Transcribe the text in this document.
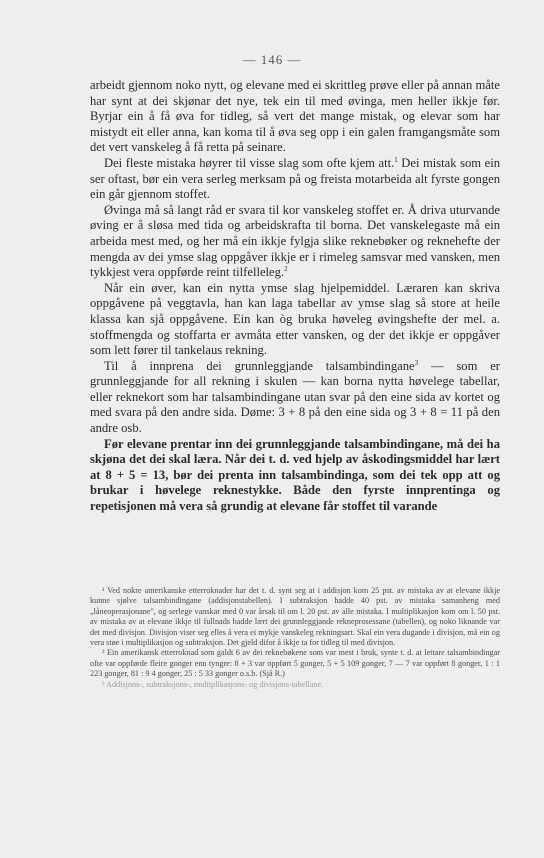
— 146 —

arbeidt gjennom noko nytt, og elevane med ei skrittleg prøve eller på annan måte har synt at dei skjønar det nye, tek ein til med øvinga, men heller ikkje før. Byrjar ein å få øva for tidleg, så vert det mange mistak, og elevar som har mistydt eit eller anna, kan koma til å øva seg opp i ein galen framgangsmåte som det vert vanskeleg å få retta på seinare.

Dei fleste mistaka høyrer til visse slag som ofte kjem att.$^1$ Dei mistak som ein ser oftast, bør ein vera serleg merksam på og freista motarbeida alt fyrste gongen ein går gjennom stoffet.

Øvinga må så langt råd er svara til kor vanskeleg stoffet er. Å driva uturvande øving er å sløsa med tida og arbeidskrafta til borna. Det vanskelegaste må ein arbeida mest med, og her må ein ikkje fylgja slike reknebøker og reknehefte der mengda av dei ymse slag oppgåver ikkje er i rimeleg samsvar med vansken, men tykkjest vera oppførde reint tilfelleleg.$^2$

Når ein øver, kan ein nytta ymse slag hjelpemiddel. Læraren kan skriva oppgåvene på veggtavla, han kan laga tabellar av ymse slag så store at heile klassa kan sjå oppgåvene. Ein kan òg bruka høveleg øvingshefte der mel. a. stoffmengda og stoffarta er avmåta etter vansken, og der det ikkje er oppgåver som lett fører til tankelaus rekning.

Til å innprena dei grunnleggjande talsambindingane$^3$ — som er grunnleggjande for all rekning i skulen — kan borna nytta høvelege tabellar, eller reknekort som har talsambindingane utan svar på den eine sida av kortet og med svara på den andre sida. Døme: 3 + 8 på den eine sida og 3 + 8 = 11 på den andre osb.

Før elevane prentar inn dei grunnleggjande talsambindingane, må dei ha skjøna det dei skal læra. Når dei t. d. ved hjelp av åskodingsmiddel har lært at 8 + 5 = 13, bør dei prenta inn talsambindinga, som dei tek opp att og brukar i høvelege reknestykke. Både den fyrste innprentinga og repetisjonen må vera så grundig at elevane får stoffet til varande

¹ Ved nokre amerikanske etterroknader har det t. d. synt seg at i addisjon kom 25 pst. av mistaka av at elevane ikkje kunne sjølve talsambindingane (addisjonstabellen). I subtraksjon hadde 40 pst. av mistaka samanheng med „låneoperasjonane", og serlege vanskar med 0 var årsak til om l. 20 pst. av alle mistaka. I multiplikasjon kom om l. 50 pst. av mistaka av at elevane ikkje til fullnads hadde lært dei grunnleggjande rekneprosessane (tabellen), og noko liknande var det med divisjon. Divisjon viser seg elles å vera ei mykje vanskeleg rekningsart. Skal ein vera dugande i divisjon, må ein og vera støe i multiplikasjon og subtraksjon. Det gjeld difor å ikkje ta for tidleg til med divisjon.

² Ein amerikansk etterroknad som galdt 6 av dei reknebøkene som var mest i bruk, synte t. d. at lettare talsambindingar ofte var oppførde fleire gonger enn tyngre: 8 + 3 var oppført 5 gonger, 5 + 5 109 gonger, 7 — 7 var oppført 8 gonger, 1 : 1 223 gonger, 81 : 9 4 gonger, 25 : 5 33 gonger o.s.b. (Sjå R.)

³ Addisjons-, subtraksjons-, multiplikasjons- og divisjons-tabellane.
